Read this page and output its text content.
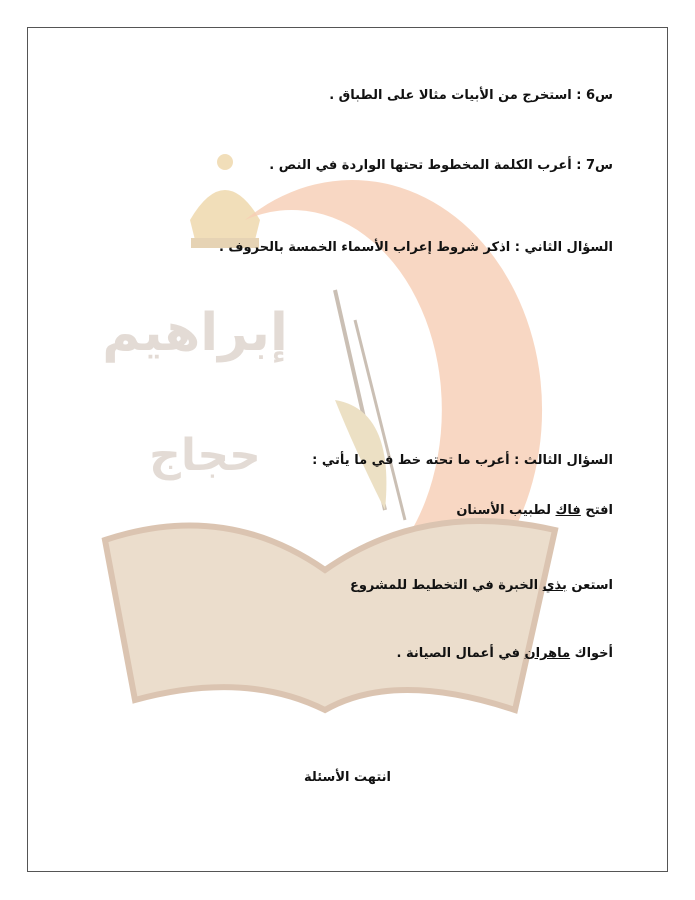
إبراهيم
حجاج
س6 : استخرج من الأبيات مثالا على الطباق .
س7 : أعرب الكلمة المخطوط تحتها الواردة في النص .
السؤال الثاني : اذكر شروط إعراب الأسماء الخمسة بالحروف .
السؤال الثالث : أعرب ما تحته خط في ما يأتي :
افتح فاك لطبيب الأسنان
استعن بذي الخبرة في التخطيط للمشروع
أخواك ماهران في أعمال الصيانة .
انتهت الأسئلة
